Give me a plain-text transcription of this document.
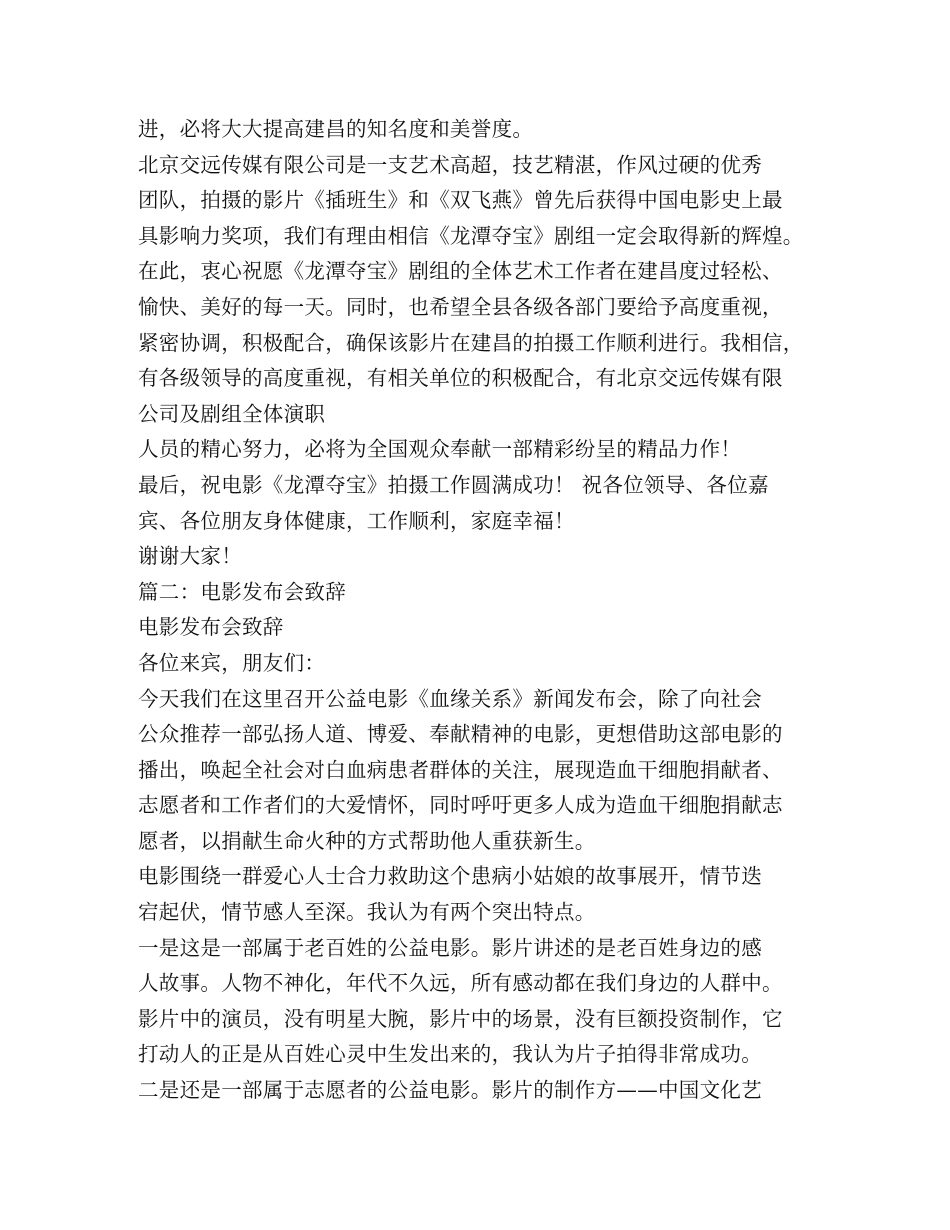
进，必将大大提高建昌的知名度和美誉度。
北京交远传媒有限公司是一支艺术高超，技艺精湛，作风过硬的优秀
团队，拍摄的影片《插班生》和《双飞燕》曾先后获得中国电影史上最
具影响力奖项，我们有理由相信《龙潭夺宝》剧组一定会取得新的辉煌。
在此，衷心祝愿《龙潭夺宝》剧组的全体艺术工作者在建昌度过轻松、
愉快、美好的每一天。同时，也希望全县各级各部门要给予高度重视，
紧密协调，积极配合，确保该影片在建昌的拍摄工作顺利进行。我相信，
有各级领导的高度重视，有相关单位的积极配合，有北京交远传媒有限
公司及剧组全体演职
人员的精心努力，必将为全国观众奉献一部精彩纷呈的精品力作！
最后，祝电影《龙潭夺宝》拍摄工作圆满成功！ 祝各位领导、各位嘉
宾、各位朋友身体健康，工作顺利，家庭幸福！
谢谢大家！
篇二：电影发布会致辞
电影发布会致辞
各位来宾，朋友们：
今天我们在这里召开公益电影《血缘关系》新闻发布会，除了向社会
公众推荐一部弘扬人道、博爱、奉献精神的电影，更想借助这部电影的
播出，唤起全社会对白血病患者群体的关注，展现造血干细胞捐献者、
志愿者和工作者们的大爱情怀，同时呼吁更多人成为造血干细胞捐献志
愿者，以捐献生命火种的方式帮助他人重获新生。
电影围绕一群爱心人士合力救助这个患病小姑娘的故事展开，情节迭
宕起伏，情节感人至深。我认为有两个突出特点。
一是这是一部属于老百姓的公益电影。影片讲述的是老百姓身边的感
人故事。人物不神化，年代不久远，所有感动都在我们身边的人群中。
影片中的演员，没有明星大腕，影片中的场景，没有巨额投资制作，它
打动人的正是从百姓心灵中生发出来的，我认为片子拍得非常成功。
二是还是一部属于志愿者的公益电影。影片的制作方——中国文化艺
